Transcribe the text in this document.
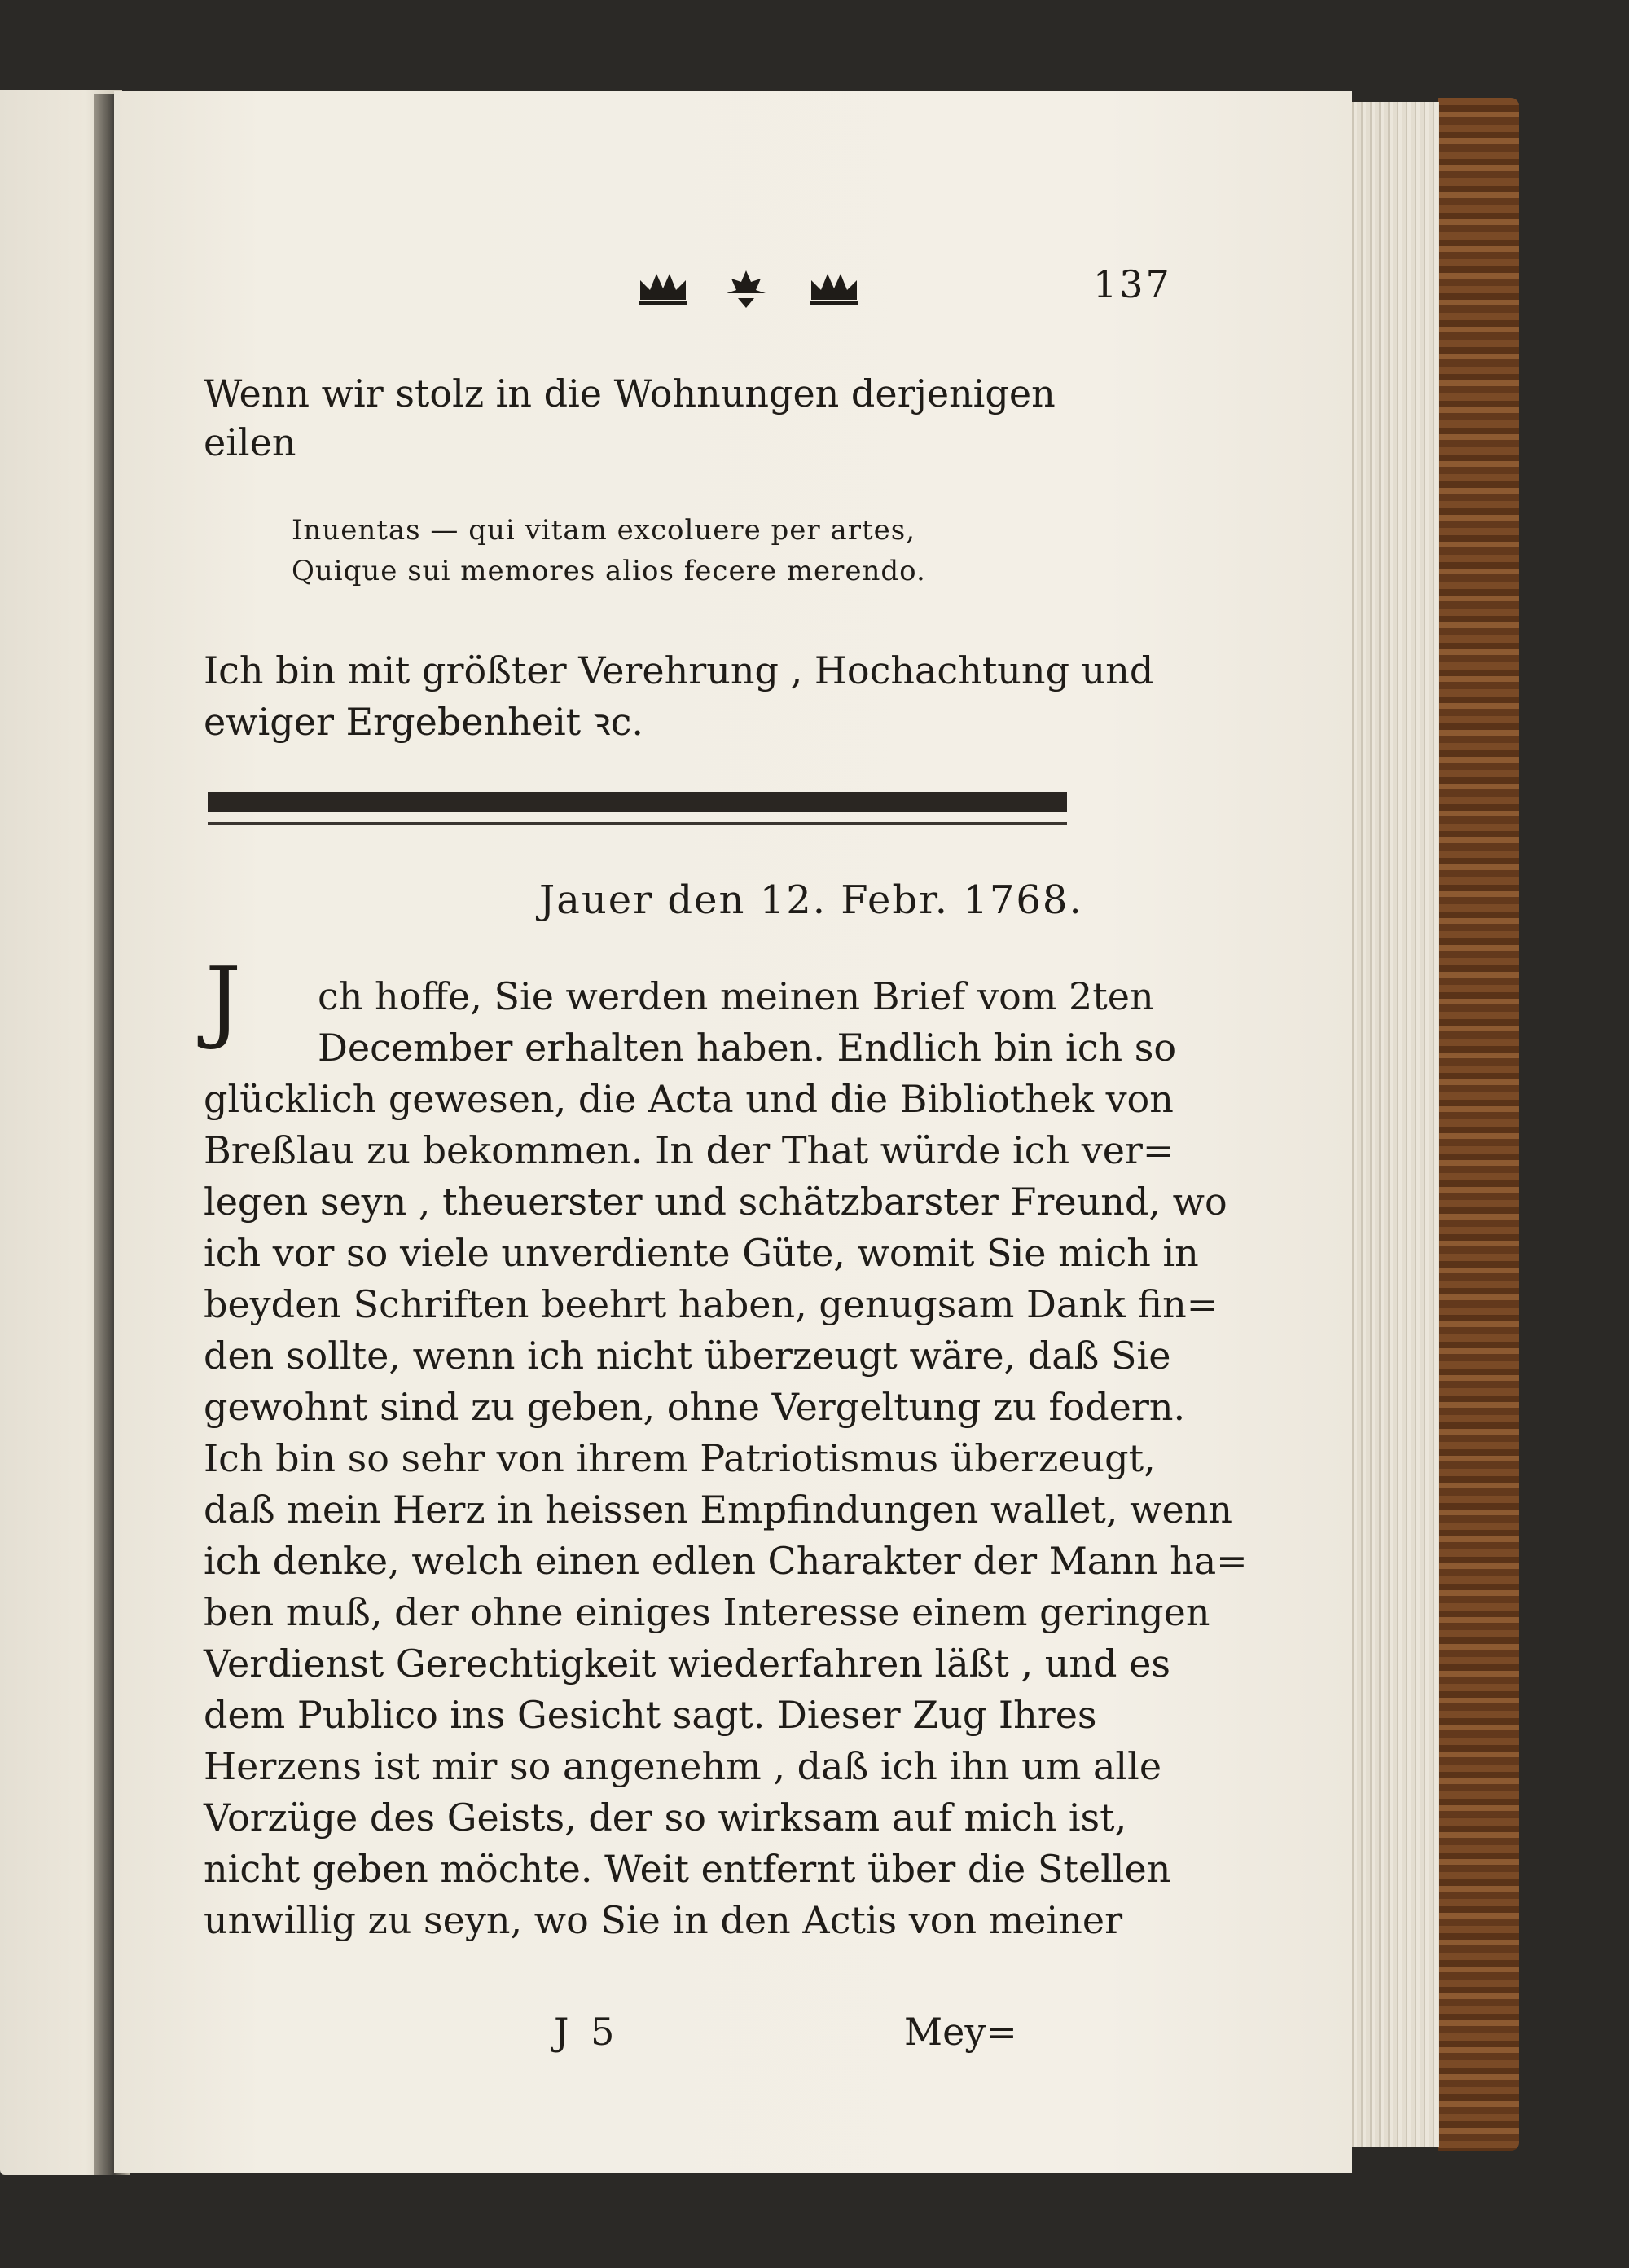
137

Wenn wir stolz in die Wohnungen derjenigen

eilen

Inuentas — qui vitam excoluere per artes,

Quique sui memores alios fecere merendo.

Ich bin mit größter Verehrung , Hochachtung und

ewiger Ergebenheit ꝛc.

Jauer den 12. Febr. 1768.

J ch hoffe, Sie werden meinen Brief vom 2ten

December erhalten haben. Endlich bin ich so

glücklich gewesen, die Acta und die Bibliothek von

Breßlau zu bekommen. In der That würde ich ver=

legen seyn , theuerster und schätzbarster Freund, wo

ich vor so viele unverdiente Güte, womit Sie mich in

beyden Schriften beehrt haben, genugsam Dank fin=

den sollte, wenn ich nicht überzeugt wäre, daß Sie

gewohnt sind zu geben, ohne Vergeltung zu fodern.

Ich bin so sehr von ihrem Patriotismus überzeugt,

daß mein Herz in heissen Empfindungen wallet, wenn

ich denke, welch einen edlen Charakter der Mann ha=

ben muß, der ohne einiges Interesse einem geringen

Verdienst Gerechtigkeit wiederfahren läßt , und es

dem Publico ins Gesicht sagt. Dieser Zug Ihres

Herzens ist mir so angenehm , daß ich ihn um alle

Vorzüge des Geists, der so wirksam auf mich ist,

nicht geben möchte. Weit entfernt über die Stellen

unwillig zu seyn, wo Sie in den Actis von meiner

J 5	Mey=
